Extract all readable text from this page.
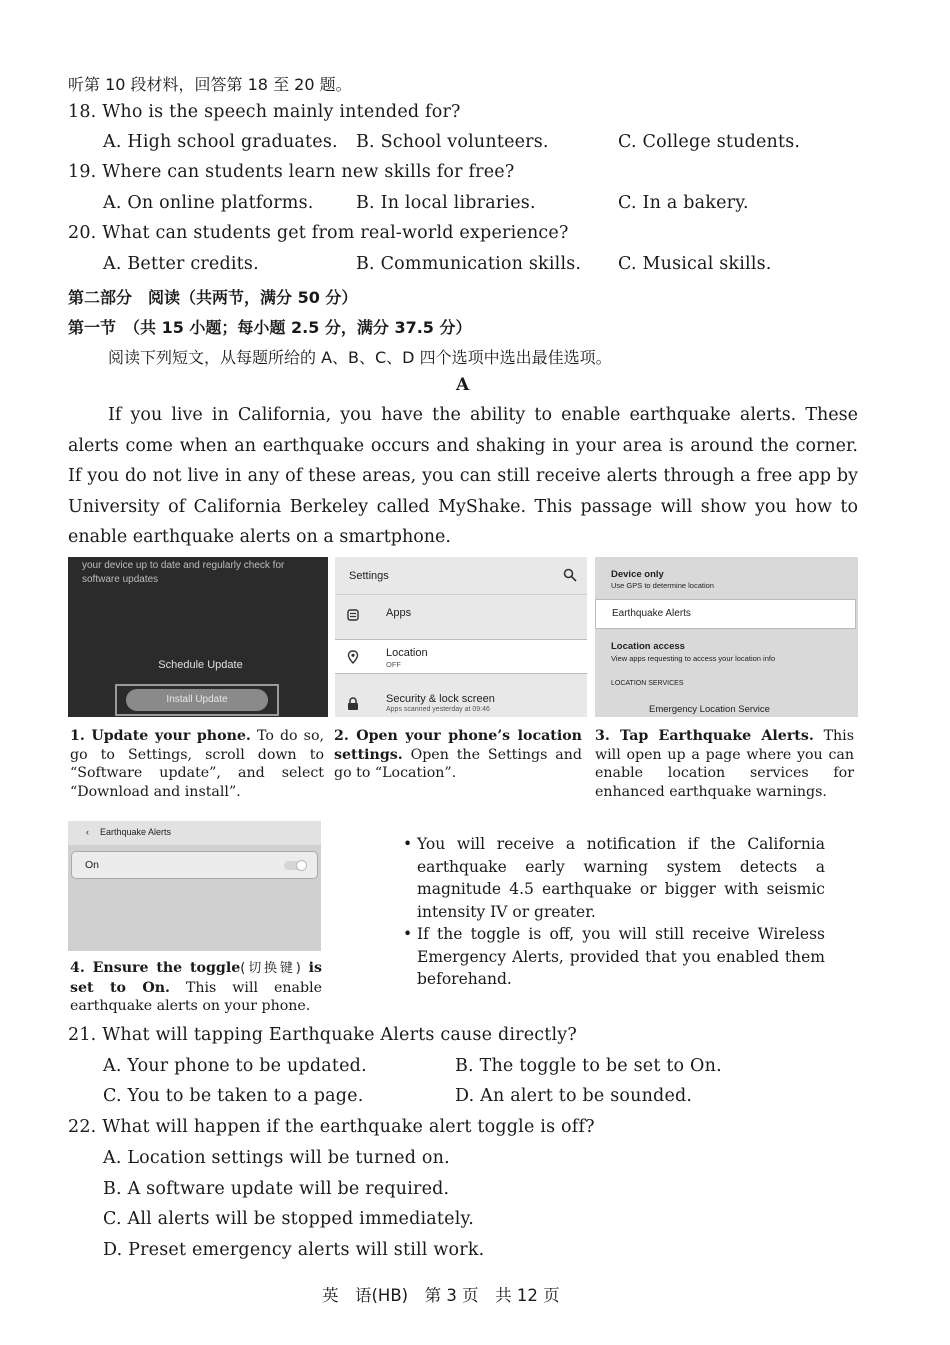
听第 10 段材料，回答第 18 至 20 题。
18. Who is the speech mainly intended for?
A. High school graduates. B. School volunteers.	C. College students.
19. Where can students learn new skills for free?
A. On online platforms. B. In local libraries.	C. In a bakery.
20. What can students get from real-world experience?
A. Better credits.	B. Communication skills. C. Musical skills.
第二部分　阅读（共两节，满分 50 分）
第一节　（共 15 小题；每小题 2.5 分，满分 37.5 分）
阅读下列短文，从每题所给的 A、B、C、D 四个选项中选出最佳选项。
A

If you live in California, you have the ability to enable earthquake alerts. These alerts come when an earthquake occurs and shaking in your area is around the corner. If you do not live in any of these areas, you can still receive alerts through a free app by University of California Berkeley called MyShake. This passage will show you how to enable earthquake alerts on a smartphone.

your device up to date and regularly check for software updates
Schedule Update
Install Update
Settings
Apps
Location
OFF
Security & lock screen
Apps scanned yesterday at 09:46
Device only
Use GPS to determine location
Earthquake Alerts
Location access
View apps requesting to access your location info
LOCATION SERVICES
Emergency Location Service
1. Update your phone. To do so, go to Settings, scroll down to “Software update”, and select “Download and install”.
2. Open your phone’s location settings. Open the Settings and go to “Location”.
3. Tap Earthquake Alerts. This will open up a page where you can enable location services for enhanced earthquake warnings.
‹ Earthquake Alerts
On
4. Ensure the toggle(切换键) is set to On. This will enable earthquake alerts on your phone.
• You will receive a notification if the California earthquake early warning system detects a magnitude 4.5 earthquake or bigger with seismic intensity IV or greater.
• If the toggle is off, you will still receive Wireless Emergency Alerts, provided that you enabled them beforehand.
21. What will tapping Earthquake Alerts cause directly?
A. Your phone to be updated.	B. The toggle to be set to On.
C. You to be taken to a page.	D. An alert to be sounded.
22. What will happen if the earthquake alert toggle is off?
A. Location settings will be turned on.
B. A software update will be required.
C. All alerts will be stopped immediately.
D. Preset emergency alerts will still work.
英　语(HB)　第 3 页　共 12 页
